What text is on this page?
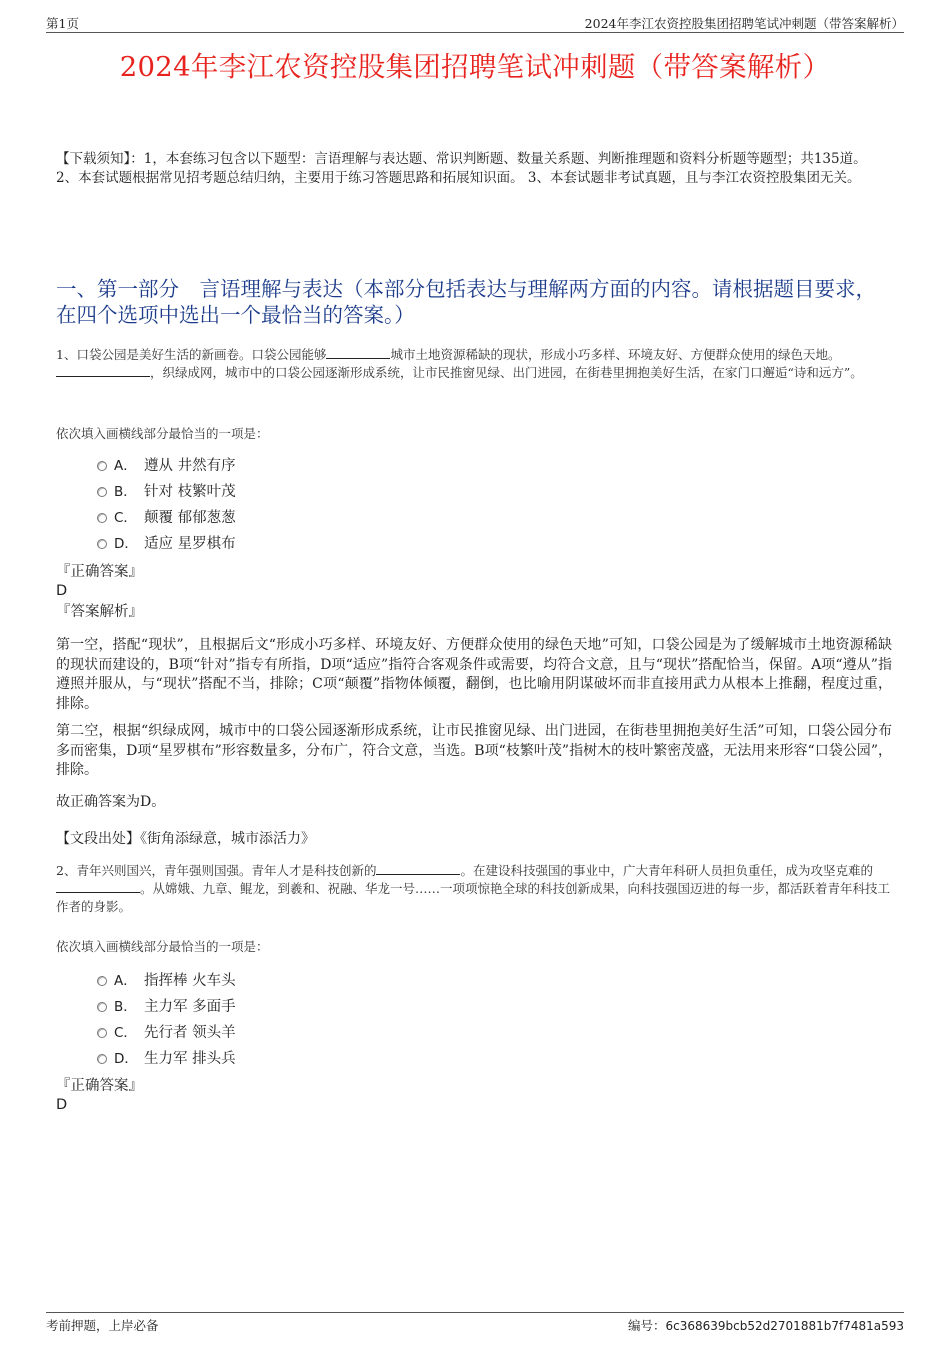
第1页	2024年李江农资控股集团招聘笔试冲刺题（带答案解析）
2024年李江农资控股集团招聘笔试冲刺题（带答案解析）
【下载须知】：1，本套练习包含以下题型：言语理解与表达题、常识判断题、数量关系题、判断推理题和资料分析题等题型；共135道。 2、本套试题根据常见招考题总结归纳，主要用于练习答题思路和拓展知识面。 3、本套试题非考试真题，且与李江农资控股集团无关。
一、第一部分　言语理解与表达（本部分包括表达与理解两方面的内容。请根据题目要求，在四个选项中选出一个最恰当的答案。）
1、口袋公园是美好生活的新画卷。口袋公园能够	城市土地资源稀缺的现状，形成小巧多样、环境友好、方便群众使用的绿色天地。
，织绿成网，城市中的口袋公园逐渐形成系统，让市民推窗见绿、出门进园，在街巷里拥抱美好生活，在家门口邂逅“诗和远方”。
依次填入画横线部分最恰当的一项是：
A． 遵从 井然有序
B． 针对 枝繁叶茂
C． 颠覆 郁郁葱葱
D． 适应 星罗棋布
『正确答案』
D
『答案解析』

第一空，搭配“现状”，且根据后文“形成小巧多样、环境友好、方便群众使用的绿色天地”可知，口袋公园是为了缓解城市土地资源稀缺的现状而建设的，B项“针对”指专有所指，D项“适应”指符合客观条件或需要，均符合文意，且与“现状”搭配恰当，保留。A项“遵从”指遵照并服从，与“现状”搭配不当，排除；C项“颠覆”指物体倾覆，翻倒，也比喻用阴谋破坏而非直接用武力从根本上推翻，程度过重，排除。

第二空，根据“织绿成网，城市中的口袋公园逐渐形成系统，让市民推窗见绿、出门进园，在街巷里拥抱美好生活”可知，口袋公园分布多而密集，D项“星罗棋布”形容数量多，分布广，符合文意，当选。B项“枝繁叶茂”指树木的枝叶繁密茂盛，无法用来形容“口袋公园”，排除。

故正确答案为D。

【文段出处】《街角添绿意，城市添活力》
2、青年兴则国兴，青年强则国强。青年人才是科技创新的	。在建设科技强国的事业中，广大青年科研人员担负重任，成为攻坚克难的。从嫦娥、九章、鲲龙，到羲和、祝融、华龙一号……一项项惊艳全球的科技创新成果，向科技强国迈进的每一步，都活跃着青年科技工作者的身影。
依次填入画横线部分最恰当的一项是：
A． 指挥棒 火车头
B． 主力军 多面手
C． 先行者 领头羊
D． 生力军 排头兵
『正确答案』
D
考前押题，上岸必备	编号：6c368639bcb52d2701881b7f7481a593
